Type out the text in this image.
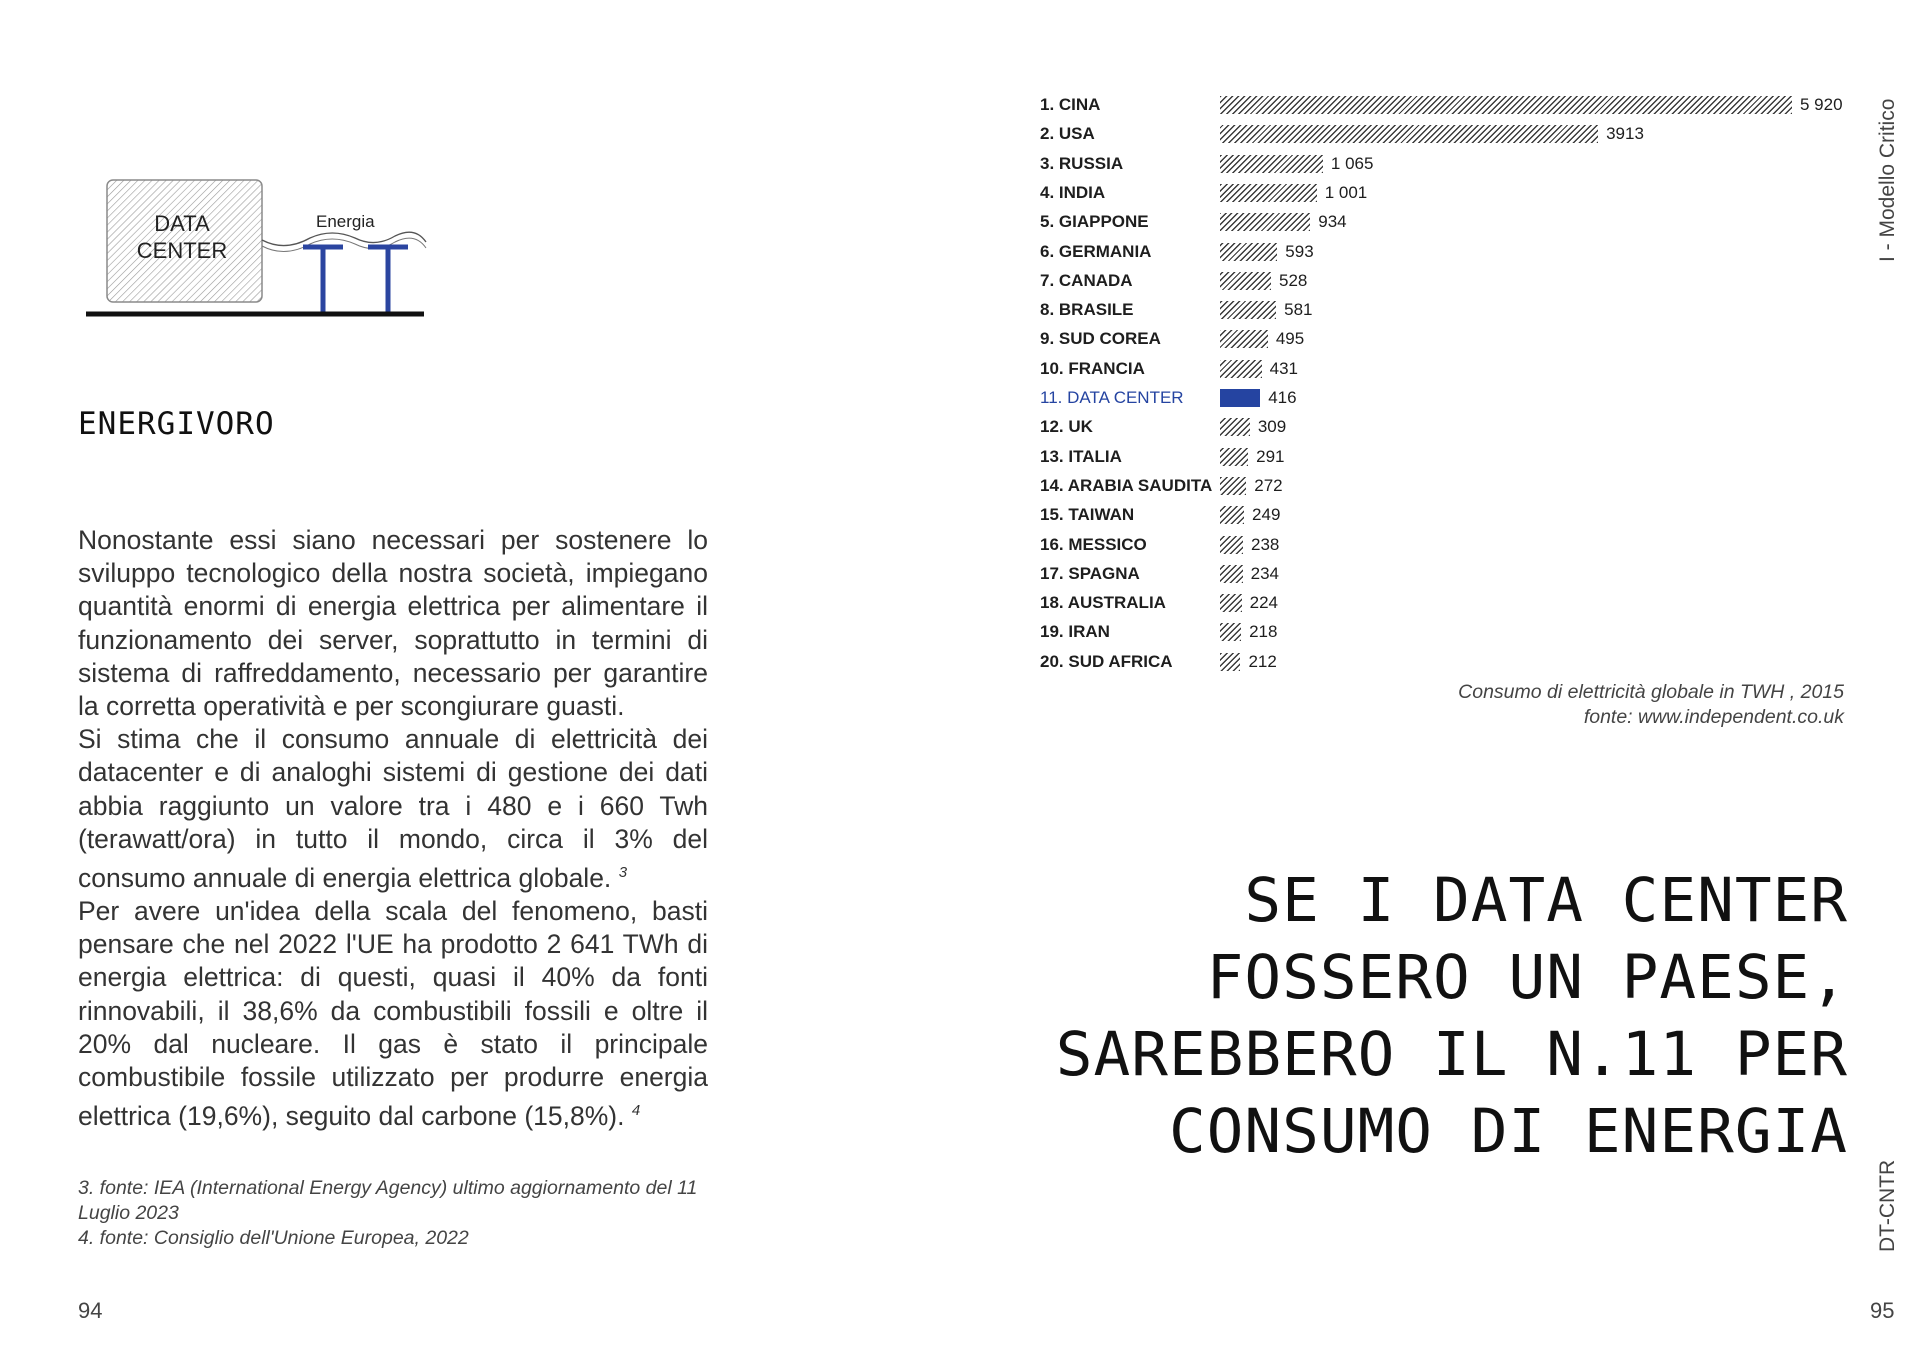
DATA
CENTER
Energia
ENERGIVORO

Nonostante essi siano necessari per sostenere lo sviluppo tecnologico della nostra società, impiegano quantità enormi di energia elettrica per alimentare il funzionamento dei server, soprattutto in termini di sistema di raffreddamento, necessario per garantire la corretta operatività e per scongiurare guasti.

Si stima che il consumo annuale di elettricità dei datacenter e di analoghi sistemi di gestione dei dati abbia raggiunto un valore tra i 480 e i 660 Twh (terawatt/ora) in tutto il mondo, circa il 3% del consumo annuale di energia elettrica globale. $^3$

Per avere un'idea della scala del fenomeno, basti pensare che nel 2022 l'UE ha prodotto 2 641 TWh di energia elettrica: di questi, quasi il 40% da fonti rinnovabili, il 38,6% da combustibili fossili e oltre il 20% dal nucleare. Il gas è stato il principale combustibile fossile utilizzato per produrre energia elettrica (19,6%), seguito dal carbone (15,8%). $^4$

3. fonte: IEA (International Energy Agency) ultimo aggiornamento del 11 Luglio 2023
4. fonte: Consiglio dell'Unione Europea, 2022
94
1. CINA	5 920
2. USA	3913
3. RUSSIA	1 065
4. INDIA	1 001
5. GIAPPONE	934
6. GERMANIA	593
7. CANADA	528
8. BRASILE	581
9. SUD COREA	495
10. FRANCIA	431
11. DATA CENTER	416
12. UK	309
13. ITALIA	291
14. ARABIA SAUDITA 272
15. TAIWAN	249
16. MESSICO	238
17. SPAGNA	234
18. AUSTRALIA	224
19. IRAN	218
20. SUD AFRICA	212
Consumo di elettricità globale in TWH , 2015
fonte: www.independent.co.uk
SE I DATA CENTER
FOSSERO UN PAESE,
SAREBBERO IL N.11 PER
CONSUMO DI ENERGIA
I - Modello Critico
DT-CNTR
95
